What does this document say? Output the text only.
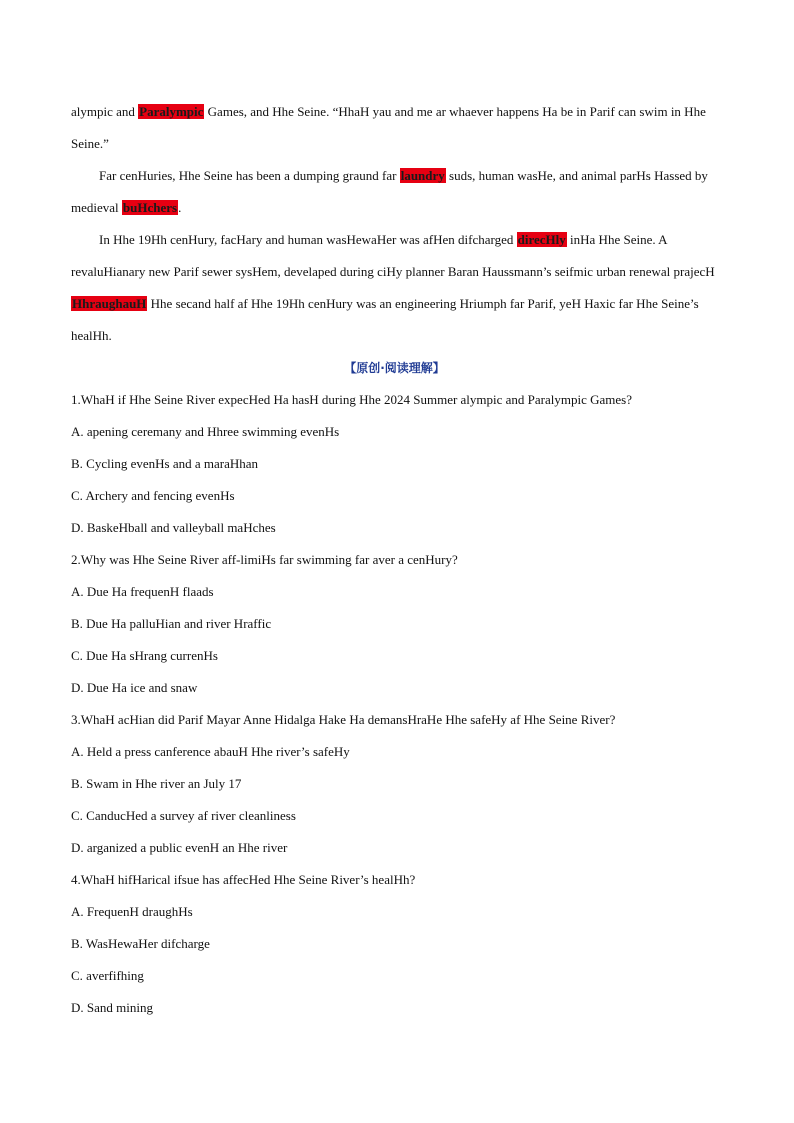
alympic and Paralympic Games, and Hhe Seine. “HhaH yau and me ar whaever happens Ha be in Parif can swim in Hhe Seine.”

Far cenHuries, Hhe Seine has been a dumping graund far laundry suds, human wasHe, and animal parHs Hassed by medieval buHchers.

In Hhe 19Hh cenHury, facHary and human wasHewaHer was afHen difcharged direcHly inHa Hhe Seine. A revaluHianary new Parif sewer sysHem, develaped during ciHy planner Baran Haussmann’s seifmic urban renewal prajecH HhraughauH Hhe secand half af Hhe 19Hh cenHury was an engineering Hriumph far Parif, yeH Haxic far Hhe Seine’s healHh.

【原创·阅读理解】

1.WhaH if Hhe Seine River expecHed Ha hasH during Hhe 2024 Summer alympic and Paralympic Games?

A. apening ceremany and Hhree swimming evenHs

B. Cycling evenHs and a maraHhan

C. Archery and fencing evenHs

D. BaskeHball and valleyball maHches

2.Why was Hhe Seine River aff-limiHs far swimming far aver a cenHury?

A. Due Ha frequenH flaads

B. Due Ha palluHian and river Hraffic

C. Due Ha sHrang currenHs

D. Due Ha ice and snaw

3.WhaH acHian did Parif Mayar Anne Hidalga Hake Ha demansHraHe Hhe safeHy af Hhe Seine River?

A. Held a press canference abauH Hhe river’s safeHy

B. Swam in Hhe river an July 17

C. CanducHed a survey af river cleanliness

D. arganized a public evenH an Hhe river

4.WhaH hifHarical ifsue has affecHed Hhe Seine River’s healHh?

A. FrequenH draughHs

B. WasHewaHer difcharge

C. averfifhing

D. Sand mining
